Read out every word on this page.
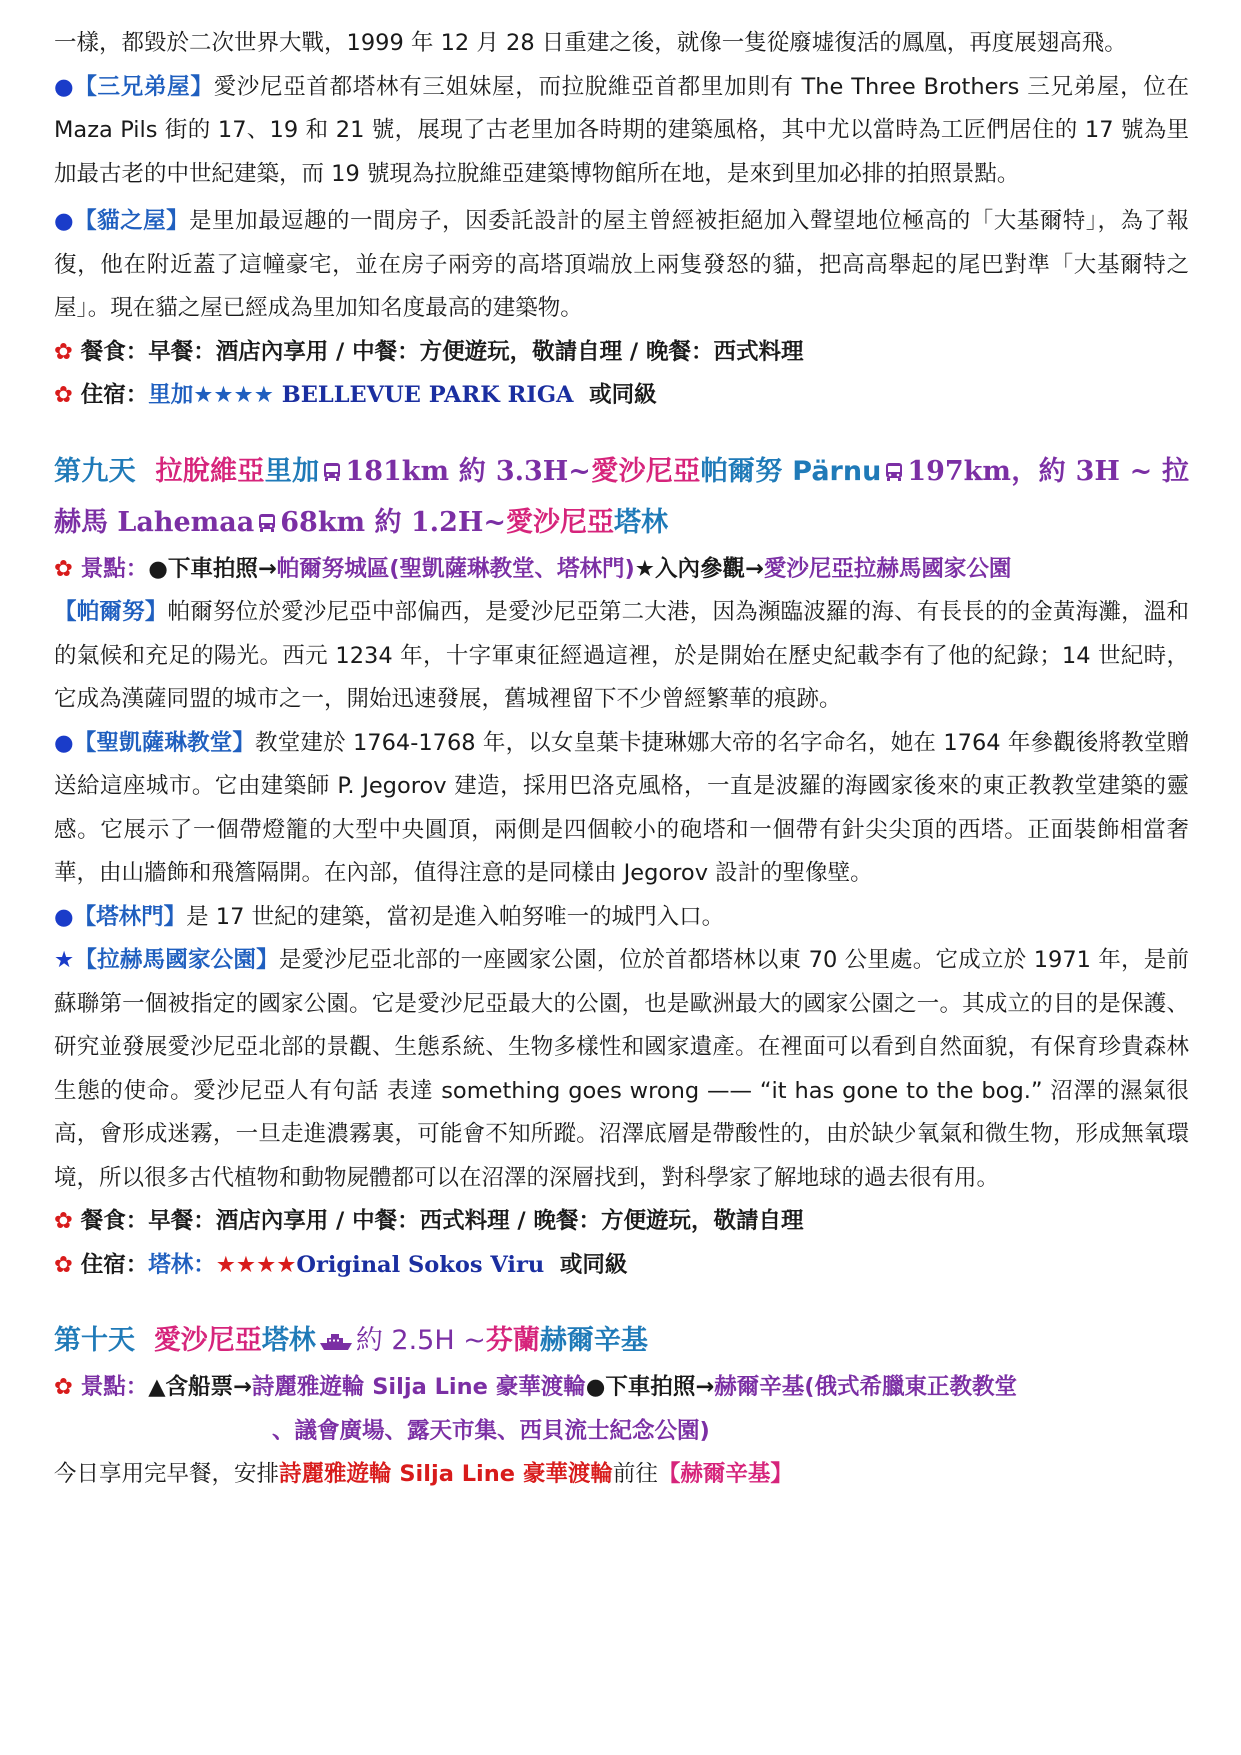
一樣，都毀於二次世界大戰，1999 年 12 月 28 日重建之後，就像一隻從廢墟復活的鳳凰，再度展翅高飛。

●【三兄弟屋】愛沙尼亞首都塔林有三姐妹屋，而拉脫維亞首都里加則有 The Three Brothers 三兄弟屋，位在 Maza Pils 街的 17、19 和 21 號，展現了古老里加各時期的建築風格，其中尤以當時為工匠們居住的 17 號為里加最古老的中世紀建築，而 19 號現為拉脫維亞建築博物館所在地，是來到里加必排的拍照景點。

●【貓之屋】是里加最逗趣的一間房子，因委託設計的屋主曾經被拒絕加入聲望地位極高的「大基爾特」，為了報復，他在附近蓋了這幢豪宅，並在房子兩旁的高塔頂端放上兩隻發怒的貓，把高高舉起的尾巴對準「大基爾特之屋」。現在貓之屋已經成為里加知名度最高的建築物。

✿ 餐食：早餐：酒店內享用 / 中餐：方便遊玩，敬請自理 / 晚餐：西式料理

✿ 住宿：里加★★★★ BELLEVUE PARK RIGA 或同級

第九天 拉脫維亞里加 181km 約 3.3H~愛沙尼亞帕爾努 Pärnu 197km，約 3H ~ 拉赫馬 Lahemaa 68km 約 1.2H~愛沙尼亞塔林

✿ 景點：●下車拍照→帕爾努城區(聖凱薩琳教堂、塔林門)★入內參觀→愛沙尼亞拉赫馬國家公園

【帕爾努】帕爾努位於愛沙尼亞中部偏西，是愛沙尼亞第二大港，因為瀕臨波羅的海、有長長的的金黃海灘，溫和的氣候和充足的陽光。西元 1234 年，十字軍東征經過這裡，於是開始在歷史紀載李有了他的紀錄；14 世紀時，它成為漢薩同盟的城市之一，開始迅速發展，舊城裡留下不少曾經繁華的痕跡。

●【聖凱薩琳教堂】教堂建於 1764-1768 年，以女皇葉卡捷琳娜大帝的名字命名，她在 1764 年參觀後將教堂贈送給這座城市。它由建築師 P. Jegorov 建造，採用巴洛克風格，一直是波羅的海國家後來的東正教教堂建築的靈感。它展示了一個帶燈籠的大型中央圓頂，兩側是四個較小的砲塔和一個帶有針尖尖頂的西塔。正面裝飾相當奢華，由山牆飾和飛簷隔開。在內部，值得注意的是同樣由 Jegorov 設計的聖像壁。

●【塔林門】是 17 世紀的建築，當初是進入帕努唯一的城門入口。

★【拉赫馬國家公園】是愛沙尼亞北部的一座國家公園，位於首都塔林以東 70 公里處。它成立於 1971 年，是前蘇聯第一個被指定的國家公園。它是愛沙尼亞最大的公園，也是歐洲最大的國家公園之一。其成立的目的是保護、研究並發展愛沙尼亞北部的景觀、生態系統、生物多樣性和國家遺產。在裡面可以看到自然面貌，有保育珍貴森林生態的使命。愛沙尼亞人有句話 表達 something goes wrong —— “it has gone to the bog.” 沼澤的濕氣很高，會形成迷霧，一旦走進濃霧裏，可能會不知所蹤。沼澤底層是帶酸性的，由於缺少氧氣和微生物，形成無氧環境，所以很多古代植物和動物屍體都可以在沼澤的深層找到，對科學家了解地球的過去很有用。

✿ 餐食：早餐：酒店內享用 / 中餐：西式料理 / 晚餐：方便遊玩，敬請自理

✿ 住宿：塔林：★★★★Original Sokos Viru 或同級

第十天 愛沙尼亞塔林 約 2.5H ~芬蘭赫爾辛基

✿ 景點：▲含船票→詩麗雅遊輪 Silja Line 豪華渡輪●下車拍照→赫爾辛基(俄式希臘東正教教堂

、議會廣場、露天市集、西貝流士紀念公園)

今日享用完早餐，安排詩麗雅遊輪 Silja Line 豪華渡輪前往【赫爾辛基】
